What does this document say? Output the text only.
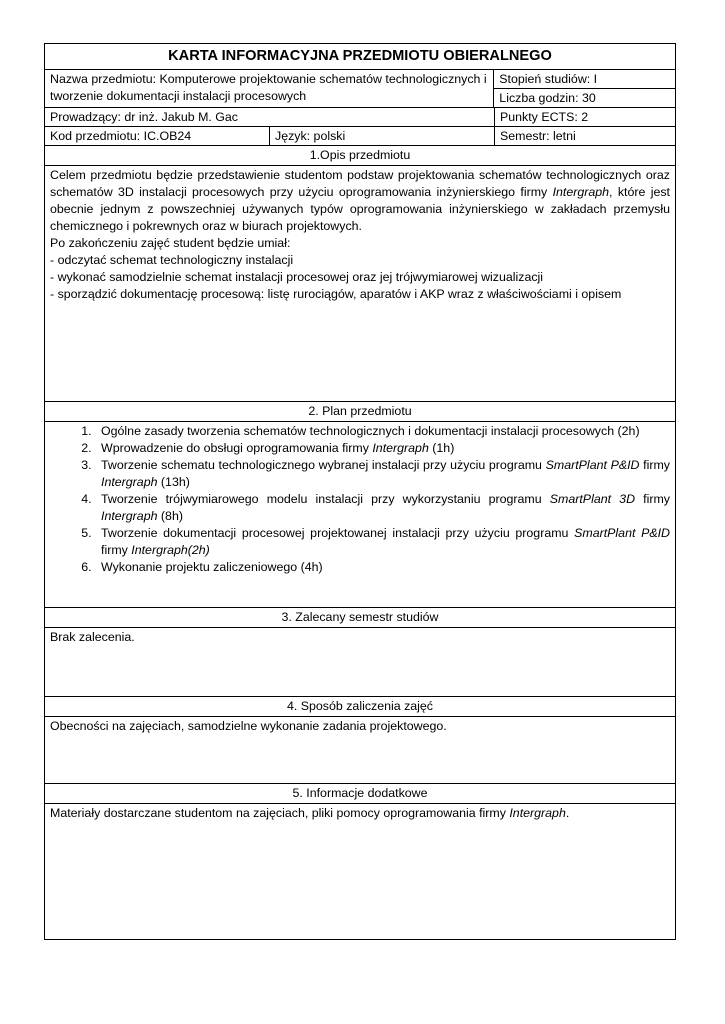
KARTA INFORMACYJNA PRZEDMIOTU OBIERALNEGO
Nazwa przedmiotu: Komputerowe projektowanie schematów technologicznych i tworzenie dokumentacji instalacji procesowych
Stopień studiów: I
Liczba godzin: 30
Prowadzący: dr inż. Jakub M. Gac	Punkty ECTS: 2
Kod przedmiotu: IC.OB24	Język: polski	Semestr: letni
1.Opis przedmiotu

Celem przedmiotu będzie przedstawienie studentom podstaw projektowania schematów technologicznych oraz schematów 3D instalacji procesowych przy użyciu oprogramowania inżynierskiego firmy Intergraph, które jest obecnie jednym z powszechniej używanych typów oprogramowania inżynierskiego w zakładach przemysłu chemicznego i pokrewnych oraz w biurach projektowych.

Po zakończeniu zajęć student będzie umiał:

- odczytać schemat technologiczny instalacji

- wykonać samodzielnie schemat instalacji procesowej oraz jej trójwymiarowej wizualizacji

- sporządzić dokumentację procesową: listę rurociągów, aparatów i AKP wraz z właściwościami i opisem

2. Plan przedmiotu
1. Ogólne zasady tworzenia schematów technologicznych i dokumentacji instalacji procesowych (2h)
2. Wprowadzenie do obsługi oprogramowania firmy Intergraph (1h)
3. Tworzenie schematu technologicznego wybranej instalacji przy użyciu programu SmartPlant P&ID firmy Intergraph (13h)
4. Tworzenie trójwymiarowego modelu instalacji przy wykorzystaniu programu SmartPlant 3D firmy Intergraph (8h)
5. Tworzenie dokumentacji procesowej projektowanej instalacji przy użyciu programu SmartPlant P&ID firmy Intergraph(2h)
6. Wykonanie projektu zaliczeniowego (4h)
3. Zalecany semestr studiów
Brak zalecenia.
4. Sposób zaliczenia zajęć
Obecności na zajęciach, samodzielne wykonanie zadania projektowego.
5. Informacje dodatkowe
Materiały dostarczane studentom na zajęciach, pliki pomocy oprogramowania firmy Intergraph.
